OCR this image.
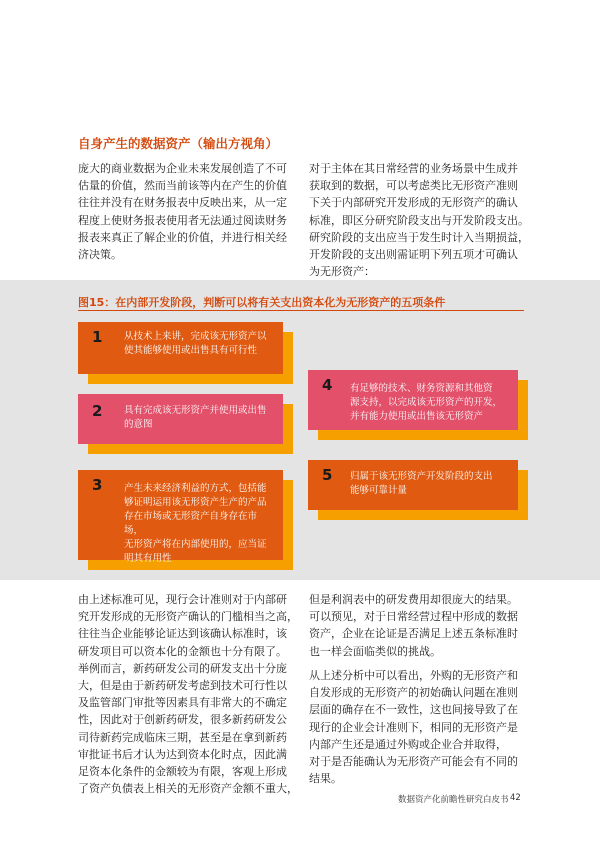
自身产生的数据资产（输出方视角）
庞大的商业数据为企业未来发展创造了不可
估量的价值，然而当前该等内在产生的价值
往往并没有在财务报表中反映出来，从一定
程度上使财务报表使用者无法通过阅读财务
报表来真正了解企业的价值，并进行相关经
济决策。
对于主体在其日常经营的业务场景中生成并
获取到的数据，可以考虑类比无形资产准则
下关于内部研究开发形成的无形资产的确认
标准，即区分研究阶段支出与开发阶段支出。
研究阶段的支出应当于发生时计入当期损益，
开发阶段的支出则需证明下列五项才可确认
为无形资产：
图15：在内部开发阶段，判断可以将有关支出资本化为无形资产的五项条件
1 从技术上来讲，完成该无形资产以
使其能够使用或出售具有可行性
2 具有完成该无形资产并使用或出售
的意图
3 产生未来经济利益的方式，包括能
够证明运用该无形资产生产的产品
存在市场或无形资产自身存在市场，
无形资产将在内部使用的，应当证
明其有用性
4 有足够的技术、财务资源和其他资
源支持，以完成该无形资产的开发，
并有能力使用或出售该无形资产
5 归属于该无形资产开发阶段的支出
能够可靠计量
由上述标准可见，现行会计准则对于内部研
究开发形成的无形资产确认的门槛相当之高，
往往当企业能够论证达到该确认标准时，该
研发项目可以资本化的金额也十分有限了。
举例而言，新药研发公司的研发支出十分庞
大，但是由于新药研发考虑到技术可行性以
及监管部门审批等因素具有非常大的不确定
性，因此对于创新药研发，很多新药研发公
司待新药完成临床三期，甚至是在拿到新药
审批证书后才认为达到资本化时点，因此满
足资本化条件的金额较为有限，客观上形成
了资产负债表上相关的无形资产金额不重大，
但是利润表中的研发费用却很庞大的结果。
可以预见，对于日常经营过程中形成的数据
资产，企业在论证是否满足上述五条标准时
也一样会面临类似的挑战。
从上述分析中可以看出，外购的无形资产和
自发形成的无形资产的初始确认问题在准则
层面的确存在不一致性，这也间接导致了在
现行的企业会计准则下，相同的无形资产是
内部产生还是通过外购或企业合并取得，
对于是否能确认为无形资产可能会有不同的
结果。
数据资产化前瞻性研究白皮书 42
